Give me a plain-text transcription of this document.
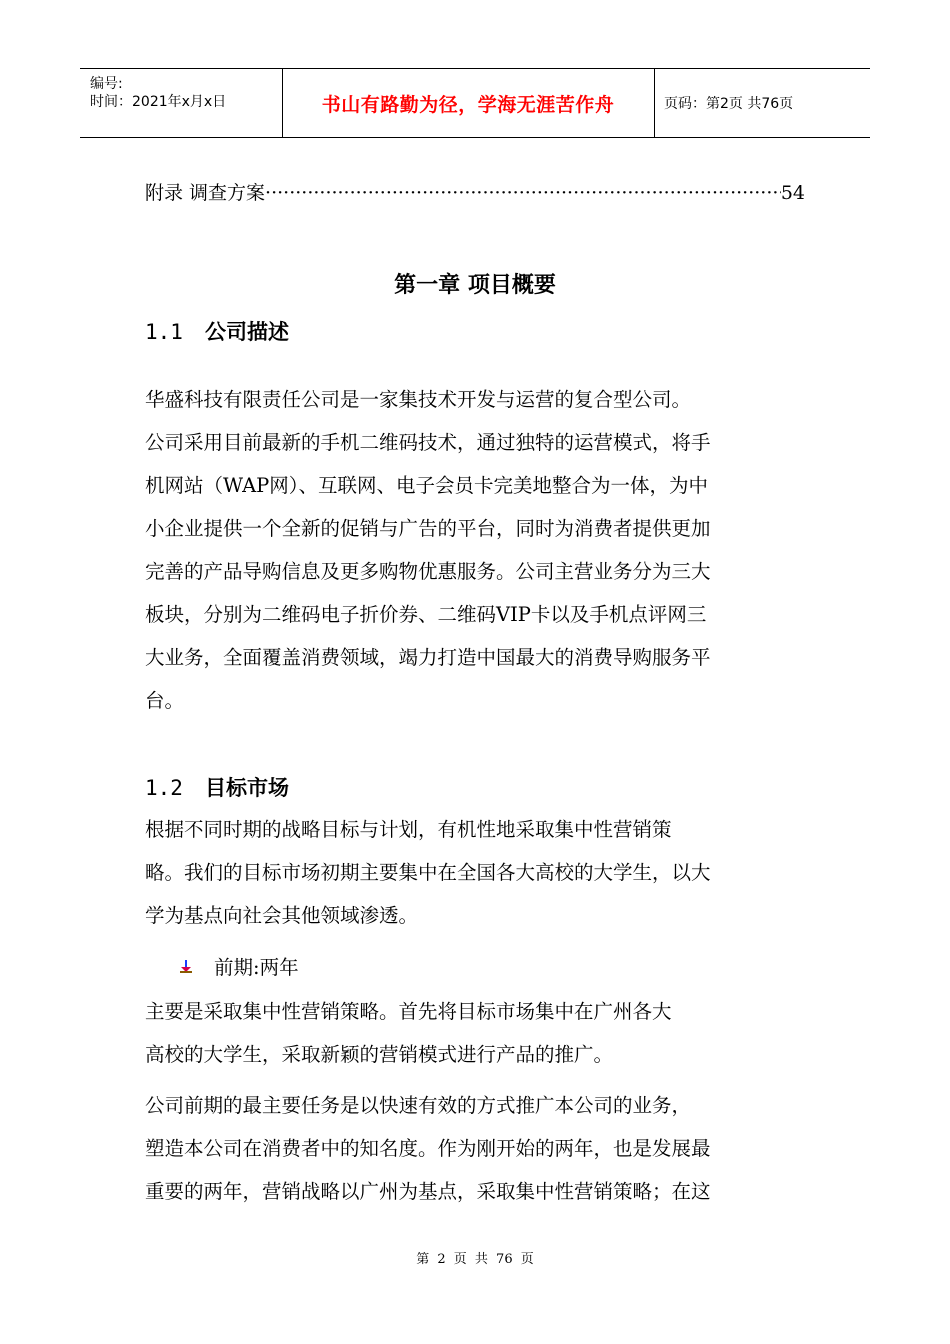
编号:
时间：2021年x月x日	书山有路勤为径，学海无涯苦作舟	页码：第2页 共76页
附录 调查方案
·····	54
第一章 项目概要
1.1	公司描述
华盛科技有限责任公司是一家集技术开发与运营的复合型公司。
公司采用目前最新的手机二维码技术，通过独特的运营模式，将手
机网站（WAP网）、互联网、电子会员卡完美地整合为一体，为中
小企业提供一个全新的促销与广告的平台，同时为消费者提供更加
完善的产品导购信息及更多购物优惠服务。公司主营业务分为三大
板块，分别为二维码电子折价券、二维码VIP卡以及手机点评网三
大业务，全面覆盖消费领域，竭力打造中国最大的消费导购服务平
台。
1.2	目标市场
根据不同时期的战略目标与计划，有机性地采取集中性营销策
略。我们的目标市场初期主要集中在全国各大高校的大学生，以大
学为基点向社会其他领域渗透。
前期:两年
主要是采取集中性营销策略。首先将目标市场集中在广州各大
高校的大学生，采取新颖的营销模式进行产品的推广。
公司前期的最主要任务是以快速有效的方式推广本公司的业务，
塑造本公司在消费者中的知名度。作为刚开始的两年，也是发展最
重要的两年，营销战略以广州为基点，采取集中性营销策略；在这
第 2 页 共 76 页
